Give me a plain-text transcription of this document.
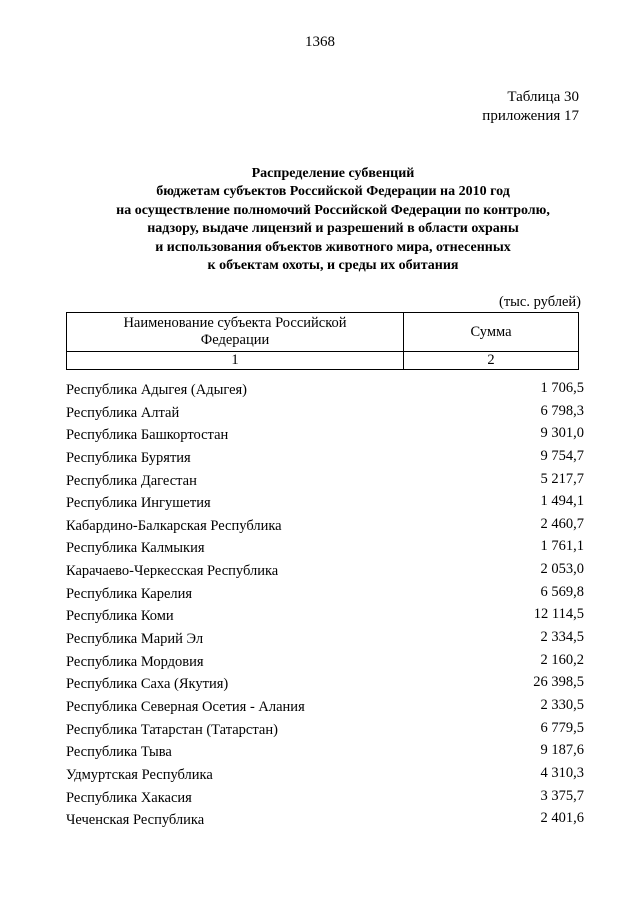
1368
Таблица 30
приложения 17
Распределение субвенций
бюджетам субъектов Российской Федерации на 2010 год
на осуществление полномочий Российской Федерации по контролю,
надзору, выдаче лицензий и разрешений в области охраны
и использования объектов животного мира, отнесенных
к объектам охоты, и среды их обитания
(тыс. рублей)
Наименование субъекта Российской
Федерации	Сумма
1	2
Республика Адыгея (Адыгея)	1 706,5
Республика Алтай	6 798,3
Республика Башкортостан	9 301,0
Республика Бурятия	9 754,7
Республика Дагестан	5 217,7
Республика Ингушетия	1 494,1
Кабардино-Балкарская Республика	2 460,7
Республика Калмыкия	1 761,1
Карачаево-Черкесская Республика	2 053,0
Республика Карелия	6 569,8
Республика Коми	12 114,5
Республика Марий Эл	2 334,5
Республика Мордовия	2 160,2
Республика Саха (Якутия)	26 398,5
Республика Северная Осетия - Алания	2 330,5
Республика Татарстан (Татарстан)	6 779,5
Республика Тыва	9 187,6
Удмуртская Республика	4 310,3
Республика Хакасия	3 375,7
Чеченская Республика	2 401,6
